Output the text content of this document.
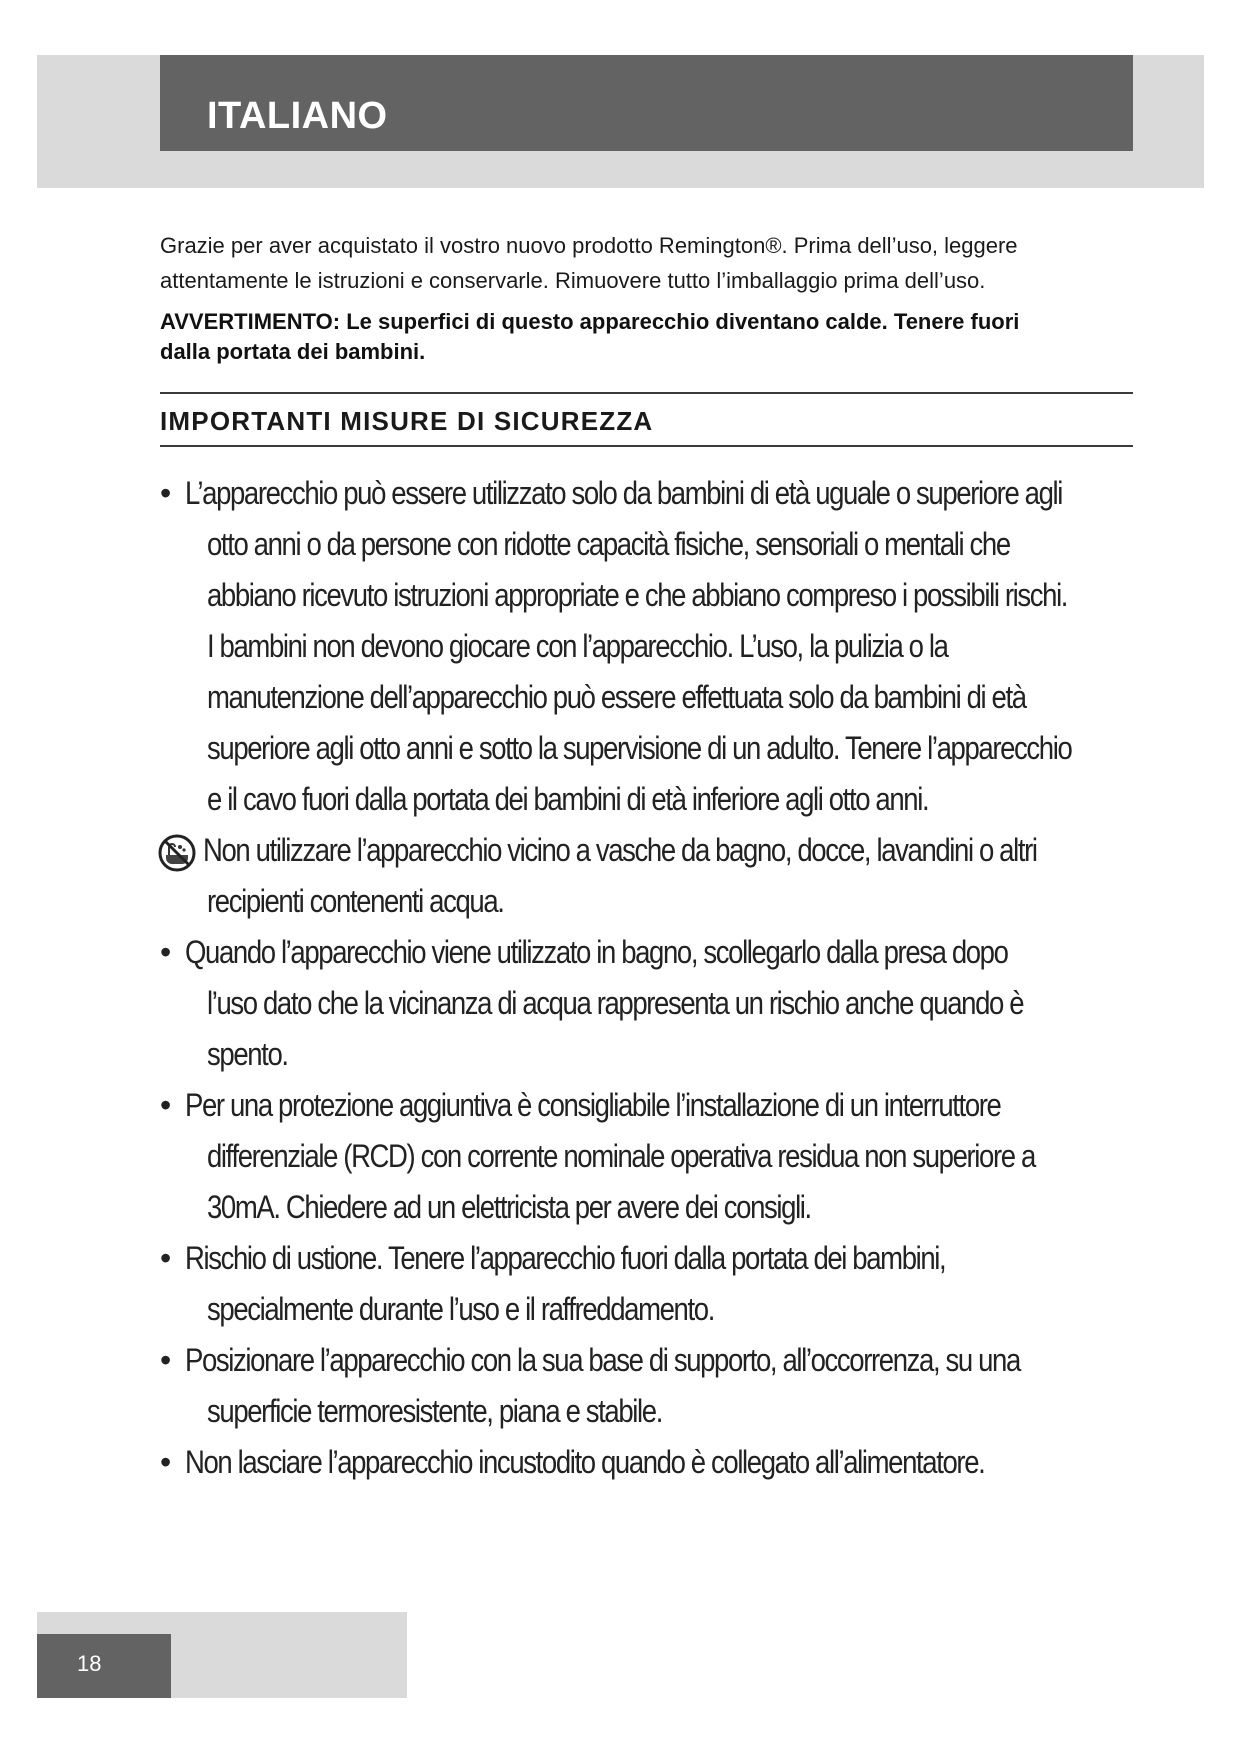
ITALIANO
Grazie per aver acquistato il vostro nuovo prodotto Remington®. Prima dell’uso, leggere
attentamente le istruzioni e conservarle. Rimuovere tutto l’imballaggio prima dell’uso.
AVVERTIMENTO: Le superfici di questo apparecchio diventano calde. Tenere fuori
dalla portata dei bambini.
IMPORTANTI MISURE DI SICUREZZA
• L’apparecchio può essere utilizzato solo da bambini di età uguale o superiore agli
otto anni o da persone con ridotte capacità fisiche, sensoriali o mentali che
abbiano ricevuto istruzioni appropriate e che abbiano compreso i possibili rischi.
I bambini non devono giocare con l’apparecchio. L’uso, la pulizia o la
manutenzione dell’apparecchio può essere effettuata solo da bambini di età
superiore agli otto anni e sotto la supervisione di un adulto. Tenere l’apparecchio
e il cavo fuori dalla portata dei bambini di età inferiore agli otto anni.
Non utilizzare l’apparecchio vicino a vasche da bagno, docce, lavandini o altri
recipienti contenenti acqua.
• Quando l’apparecchio viene utilizzato in bagno, scollegarlo dalla presa dopo
l’uso dato che la vicinanza di acqua rappresenta un rischio anche quando è
spento.
• Per una protezione aggiuntiva è consigliabile l’installazione di un interruttore
differenziale (RCD) con corrente nominale operativa residua non superiore a
30mA. Chiedere ad un elettricista per avere dei consigli.
• Rischio di ustione. Tenere l’apparecchio fuori dalla portata dei bambini,
specialmente durante l’uso e il raffreddamento.
• Posizionare l’apparecchio con la sua base di supporto, all’occorrenza, su una
superficie termoresistente, piana e stabile.
• Non lasciare l’apparecchio incustodito quando è collegato all’alimentatore.
18
